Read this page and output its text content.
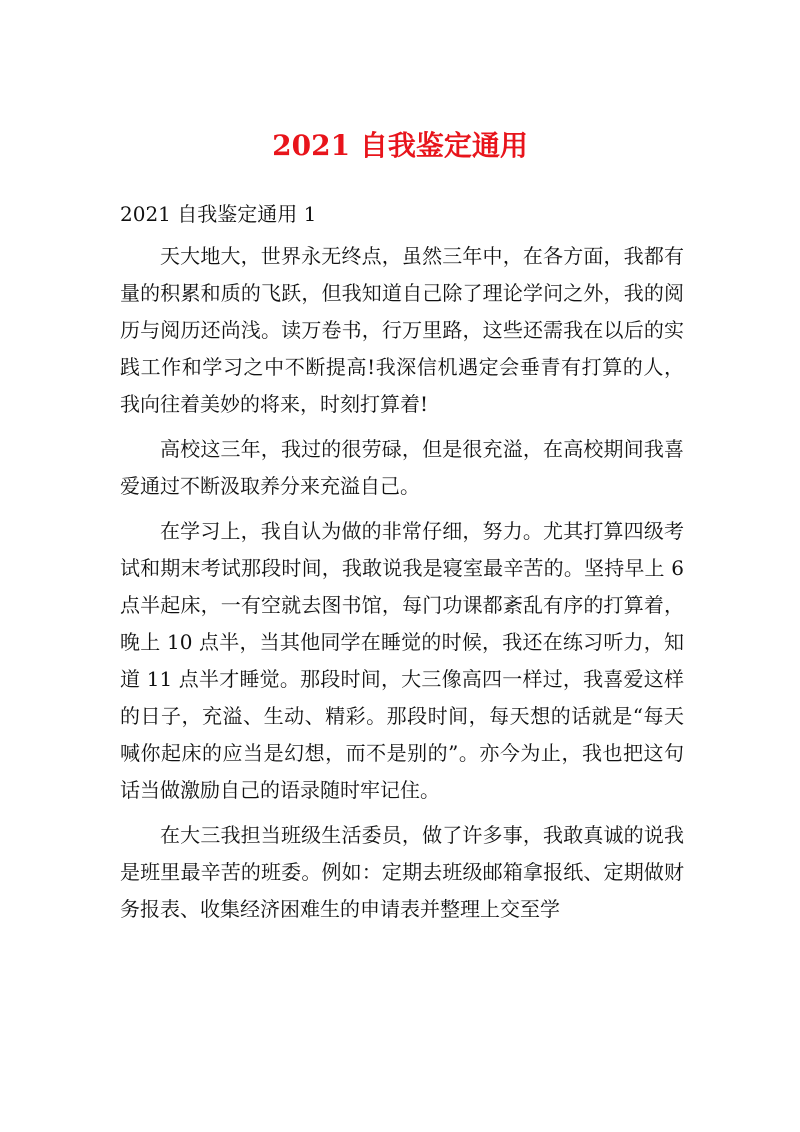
2021 自我鉴定通用

2021 自我鉴定通用 1

天大地大，世界永无终点，虽然三年中，在各方面，我都有量的积累和质的飞跃，但我知道自己除了理论学问之外，我的阅历与阅历还尚浅。读万卷书，行万里路，这些还需我在以后的实践工作和学习之中不断提高!我深信机遇定会垂青有打算的人，我向往着美妙的将来，时刻打算着!

高校这三年，我过的很劳碌，但是很充溢，在高校期间我喜爱通过不断汲取养分来充溢自己。

在学习上，我自认为做的非常仔细，努力。尤其打算四级考试和期末考试那段时间，我敢说我是寝室最辛苦的。坚持早上 6 点半起床，一有空就去图书馆，每门功课都紊乱有序的打算着，晚上 10 点半，当其他同学在睡觉的时候，我还在练习听力，知道 11 点半才睡觉。那段时间，大三像高四一样过，我喜爱这样的日子，充溢、生动、精彩。那段时间，每天想的话就是“每天喊你起床的应当是幻想，而不是别的”。亦今为止，我也把这句话当做激励自己的语录随时牢记住。

在大三我担当班级生活委员，做了许多事，我敢真诚的说我是班里最辛苦的班委。例如：定期去班级邮箱拿报纸、定期做财务报表、收集经济困难生的申请表并整理上交至学
